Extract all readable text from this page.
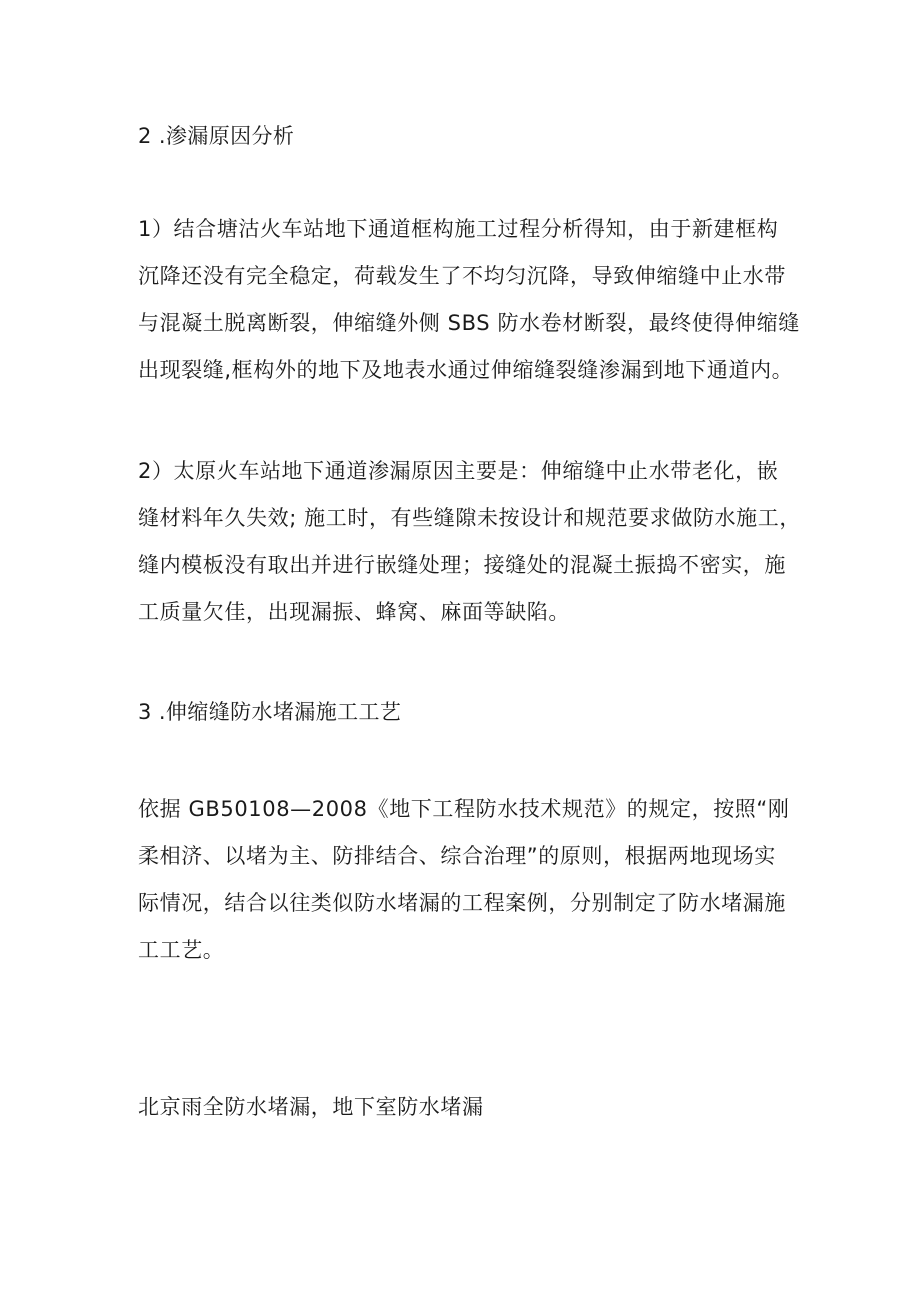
2 .渗漏原因分析
1）结合塘沽火车站地下通道框构施工过程分析得知，由于新建框构
沉降还没有完全稳定，荷载发生了不均匀沉降，导致伸缩缝中止水带
与混凝土脱离断裂，伸缩缝外侧 SBS 防水卷材断裂，最终使得伸缩缝
出现裂缝,框构外的地下及地表水通过伸缩缝裂缝渗漏到地下通道内。
2）太原火车站地下通道渗漏原因主要是：伸缩缝中止水带老化，嵌
缝材料年久失效; 施工时，有些缝隙未按设计和规范要求做防水施工，
缝内模板没有取出并进行嵌缝处理；接缝处的混凝土振捣不密实，施
工质量欠佳，出现漏振、蜂窝、麻面等缺陷。
3 .伸缩缝防水堵漏施工工艺
依据 GB50108—2008《地下工程防水技术规范》的规定，按照“刚
柔相济、以堵为主、防排结合、综合治理”的原则，根据两地现场实
际情况，结合以往类似防水堵漏的工程案例，分别制定了防水堵漏施
工工艺。
北京雨全防水堵漏，地下室防水堵漏
